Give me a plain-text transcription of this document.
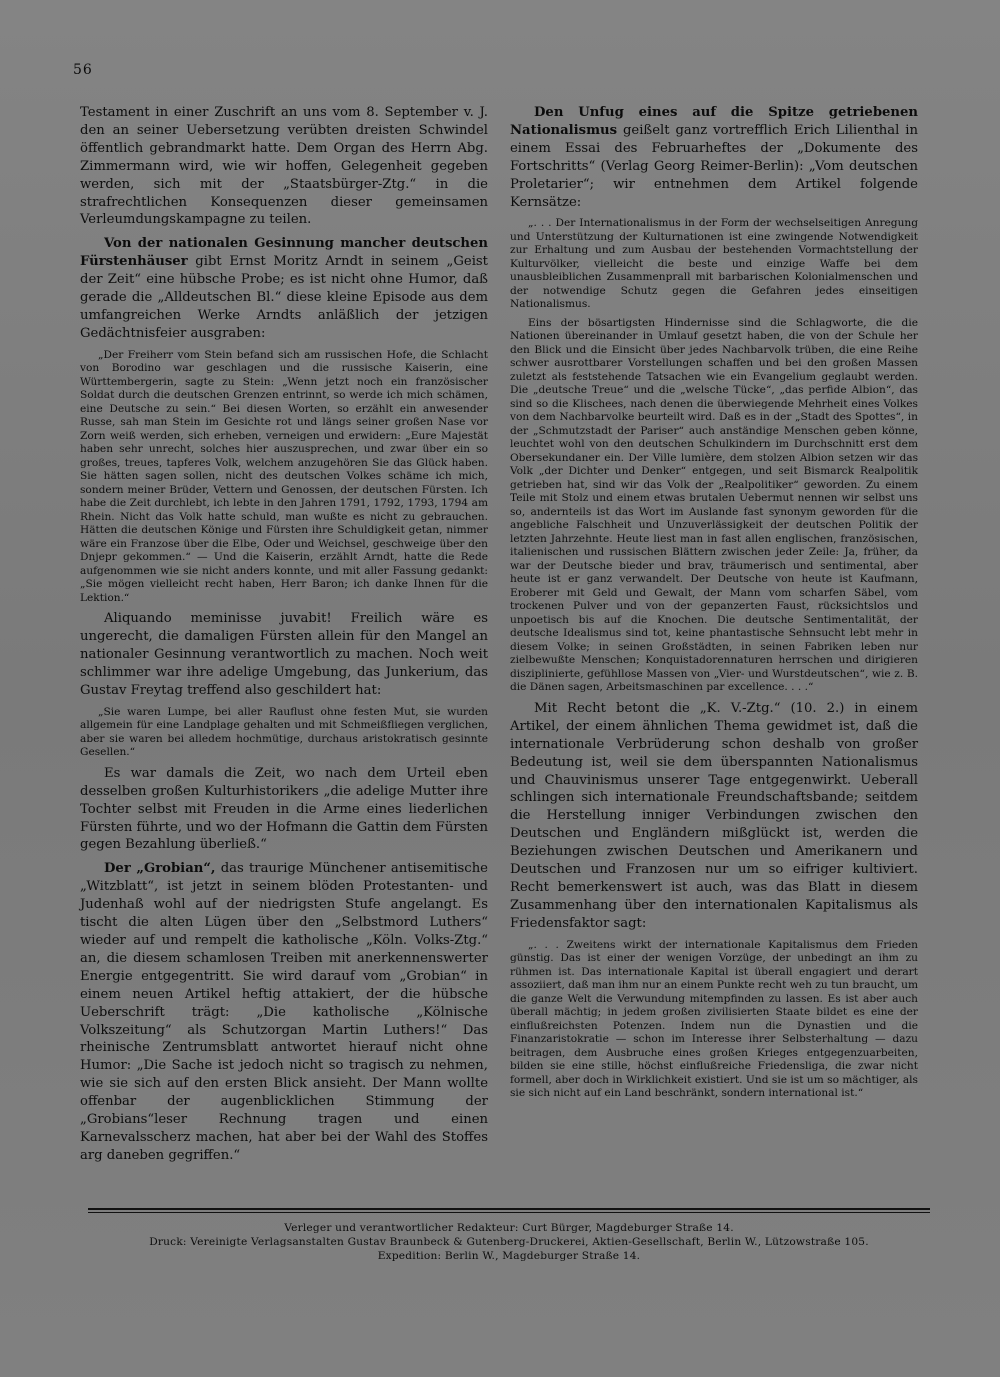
56

Testament in einer Zuschrift an uns vom 8. September v. J. den an seiner Uebersetzung verübten dreisten Schwindel öffentlich gebrandmarkt hatte. Dem Organ des Herrn Abg. Zimmermann wird, wie wir hoffen, Gelegenheit gegeben werden, sich mit der „Staatsbürger-Ztg.“ in die strafrechtlichen Konsequenzen dieser gemeinsamen Verleumdungskampagne zu teilen.

Von der nationalen Gesinnung mancher deutschen Fürstenhäuser gibt Ernst Moritz Arndt in seinem „Geist der Zeit“ eine hübsche Probe; es ist nicht ohne Humor, daß gerade die „Alldeutschen Bl.“ diese kleine Episode aus dem umfangreichen Werke Arndts anläßlich der jetzigen Gedächtnisfeier ausgraben:

„Der Freiherr vom Stein befand sich am russischen Hofe, die Schlacht von Borodino war geschlagen und die russische Kaiserin, eine Württembergerin, sagte zu Stein: „Wenn jetzt noch ein französischer Soldat durch die deutschen Grenzen entrinnt, so werde ich mich schämen, eine Deutsche zu sein.“ Bei diesen Worten, so erzählt ein anwesender Russe, sah man Stein im Gesichte rot und längs seiner großen Nase vor Zorn weiß werden, sich erheben, verneigen und erwidern: „Eure Majestät haben sehr unrecht, solches hier auszusprechen, und zwar über ein so großes, treues, tapferes Volk, welchem anzugehören Sie das Glück haben. Sie hätten sagen sollen, nicht des deutschen Volkes schäme ich mich, sondern meiner Brüder, Vettern und Genossen, der deutschen Fürsten. Ich habe die Zeit durchlebt, ich lebte in den Jahren 1791, 1792, 1793, 1794 am Rhein. Nicht das Volk hatte schuld, man wußte es nicht zu gebrauchen. Hätten die deutschen Könige und Fürsten ihre Schuldigkeit getan, nimmer wäre ein Franzose über die Elbe, Oder und Weichsel, geschweige über den Dnjepr gekommen.“ — Und die Kaiserin, erzählt Arndt, hatte die Rede aufgenommen wie sie nicht anders konnte, und mit aller Fassung gedankt: „Sie mögen vielleicht recht haben, Herr Baron; ich danke Ihnen für die Lektion.“

Aliquando meminisse juvabit! Freilich wäre es ungerecht, die damaligen Fürsten allein für den Mangel an nationaler Gesinnung verantwortlich zu machen. Noch weit schlimmer war ihre adelige Umgebung, das Junkerium, das Gustav Freytag treffend also geschildert hat:

„Sie waren Lumpe, bei aller Rauflust ohne festen Mut, sie wurden allgemein für eine Landplage gehalten und mit Schmeißfliegen verglichen, aber sie waren bei alledem hochmütige, durchaus aristokratisch gesinnte Gesellen.“

Es war damals die Zeit, wo nach dem Urteil eben desselben großen Kulturhistorikers „die adelige Mutter ihre Tochter selbst mit Freuden in die Arme eines liederlichen Fürsten führte, und wo der Hofmann die Gattin dem Fürsten gegen Bezahlung überließ.“

Der „Grobian“, das traurige Münchener antisemitische „Witzblatt“, ist jetzt in seinem blöden Protestanten- und Judenhaß wohl auf der niedrigsten Stufe angelangt. Es tischt die alten Lügen über den „Selbstmord Luthers“ wieder auf und rempelt die katholische „Köln. Volks-Ztg.“ an, die diesem schamlosen Treiben mit anerkennenswerter Energie entgegentritt. Sie wird darauf vom „Grobian“ in einem neuen Artikel heftig attakiert, der die hübsche Ueberschrift trägt: „Die katholische „Kölnische Volkszeitung“ als Schutzorgan Martin Luthers!“ Das rheinische Zentrumsblatt antwortet hierauf nicht ohne Humor: „Die Sache ist jedoch nicht so tragisch zu nehmen, wie sie sich auf den ersten Blick ansieht. Der Mann wollte offenbar der augenblicklichen Stimmung der „Grobians“leser Rechnung tragen und einen Karnevalsscherz machen, hat aber bei der Wahl des Stoffes arg daneben gegriffen.“

Den Unfug eines auf die Spitze getriebenen Nationalismus geißelt ganz vortrefflich Erich Lilienthal in einem Essai des Februarheftes der „Dokumente des Fortschritts“ (Verlag Georg Reimer-Berlin): „Vom deutschen Proletarier“; wir entnehmen dem Artikel folgende Kernsätze:

„. . . Der Internationalismus in der Form der wechselseitigen Anregung und Unterstützung der Kulturnationen ist eine zwingende Notwendigkeit zur Erhaltung und zum Ausbau der bestehenden Vormachtstellung der Kulturvölker, vielleicht die beste und einzige Waffe bei dem unausbleiblichen Zusammenprall mit barbarischen Kolonialmenschen und der notwendige Schutz gegen die Gefahren jedes einseitigen Nationalismus.

Eins der bösartigsten Hindernisse sind die Schlagworte, die die Nationen übereinander in Umlauf gesetzt haben, die von der Schule her den Blick und die Einsicht über jedes Nachbarvolk trüben, die eine Reihe schwer ausrottbarer Vorstellungen schaffen und bei den großen Massen zuletzt als feststehende Tatsachen wie ein Evangelium geglaubt werden. Die „deutsche Treue“ und die „welsche Tücke“, „das perfide Albion“, das sind so die Klischees, nach denen die überwiegende Mehrheit eines Volkes von dem Nachbarvolke beurteilt wird. Daß es in der „Stadt des Spottes“, in der „Schmutzstadt der Pariser“ auch anständige Menschen geben könne, leuchtet wohl von den deutschen Schulkindern im Durchschnitt erst dem Obersekundaner ein. Der Ville lumière, dem stolzen Albion setzen wir das Volk „der Dichter und Denker“ entgegen, und seit Bismarck Realpolitik getrieben hat, sind wir das Volk der „Realpolitiker“ geworden. Zu einem Teile mit Stolz und einem etwas brutalen Uebermut nennen wir selbst uns so, andernteils ist das Wort im Auslande fast synonym geworden für die angebliche Falschheit und Unzuverlässigkeit der deutschen Politik der letzten Jahrzehnte. Heute liest man in fast allen englischen, französischen, italienischen und russischen Blättern zwischen jeder Zeile: Ja, früher, da war der Deutsche bieder und brav, träumerisch und sentimental, aber heute ist er ganz verwandelt. Der Deutsche von heute ist Kaufmann, Eroberer mit Geld und Gewalt, der Mann vom scharfen Säbel, vom trockenen Pulver und von der gepanzerten Faust, rücksichtslos und unpoetisch bis auf die Knochen. Die deutsche Sentimentalität, der deutsche Idealismus sind tot, keine phantastische Sehnsucht lebt mehr in diesem Volke; in seinen Großstädten, in seinen Fabriken leben nur zielbewußte Menschen; Konquistadorennaturen herrschen und dirigieren diszipliniertе, gefühllose Massen von „Vier- und Wurstdeutschen“, wie z. B. die Dänen sagen, Arbeitsmaschinen par excellence. . . .“

Mit Recht betont die „K. V.-Ztg.“ (10. 2.) in einem Artikel, der einem ähnlichen Thema gewidmet ist, daß die internationale Verbrüderung schon deshalb von großer Bedeutung ist, weil sie dem überspannten Nationalismus und Chauvinismus unserer Tage entgegenwirkt. Ueberall schlingen sich internationale Freundschaftsbande; seitdem die Herstellung inniger Verbindungen zwischen den Deutschen und Engländern mißglückt ist, werden die Beziehungen zwischen Deutschen und Amerikanern und Deutschen und Franzosen nur um so eifriger kultiviert. Recht bemerkenswert ist auch, was das Blatt in diesem Zusammenhang über den internationalen Kapitalismus als Friedensfaktor sagt:

„. . . Zweitens wirkt der internationale Kapitalismus dem Frieden günstig. Das ist einer der wenigen Vorzüge, der unbedingt an ihm zu rühmen ist. Das internationale Kapital ist überall engagiert und derart assoziiert, daß man ihm nur an einem Punkte recht weh zu tun braucht, um die ganze Welt die Verwundung mitempfinden zu lassen. Es ist aber auch überall mächtig; in jedem großen zivilisierten Staate bildet es eine der einflußreichsten Potenzen. Indem nun die Dynastien und die Finanzaristokratie — schon im Interesse ihrer Selbsterhaltung — dazu beitragen, dem Ausbruche eines großen Krieges entgegenzuarbeiten, bilden sie eine stille, höchst einflußreiche Friedensliga, die zwar nicht formell, aber doch in Wirklichkeit existiert. Und sie ist um so mächtiger, als sie sich nicht auf ein Land beschränkt, sondern international ist.“

Verleger und verantwortlicher Redakteur: Curt Bürger, Magdeburger Straße 14.
Druck: Vereinigte Verlagsanstalten Gustav Braunbeck & Gutenberg-Druckerei, Aktien-Gesellschaft, Berlin W., Lützowstraße 105.
Expedition: Berlin W., Magdeburger Straße 14.
